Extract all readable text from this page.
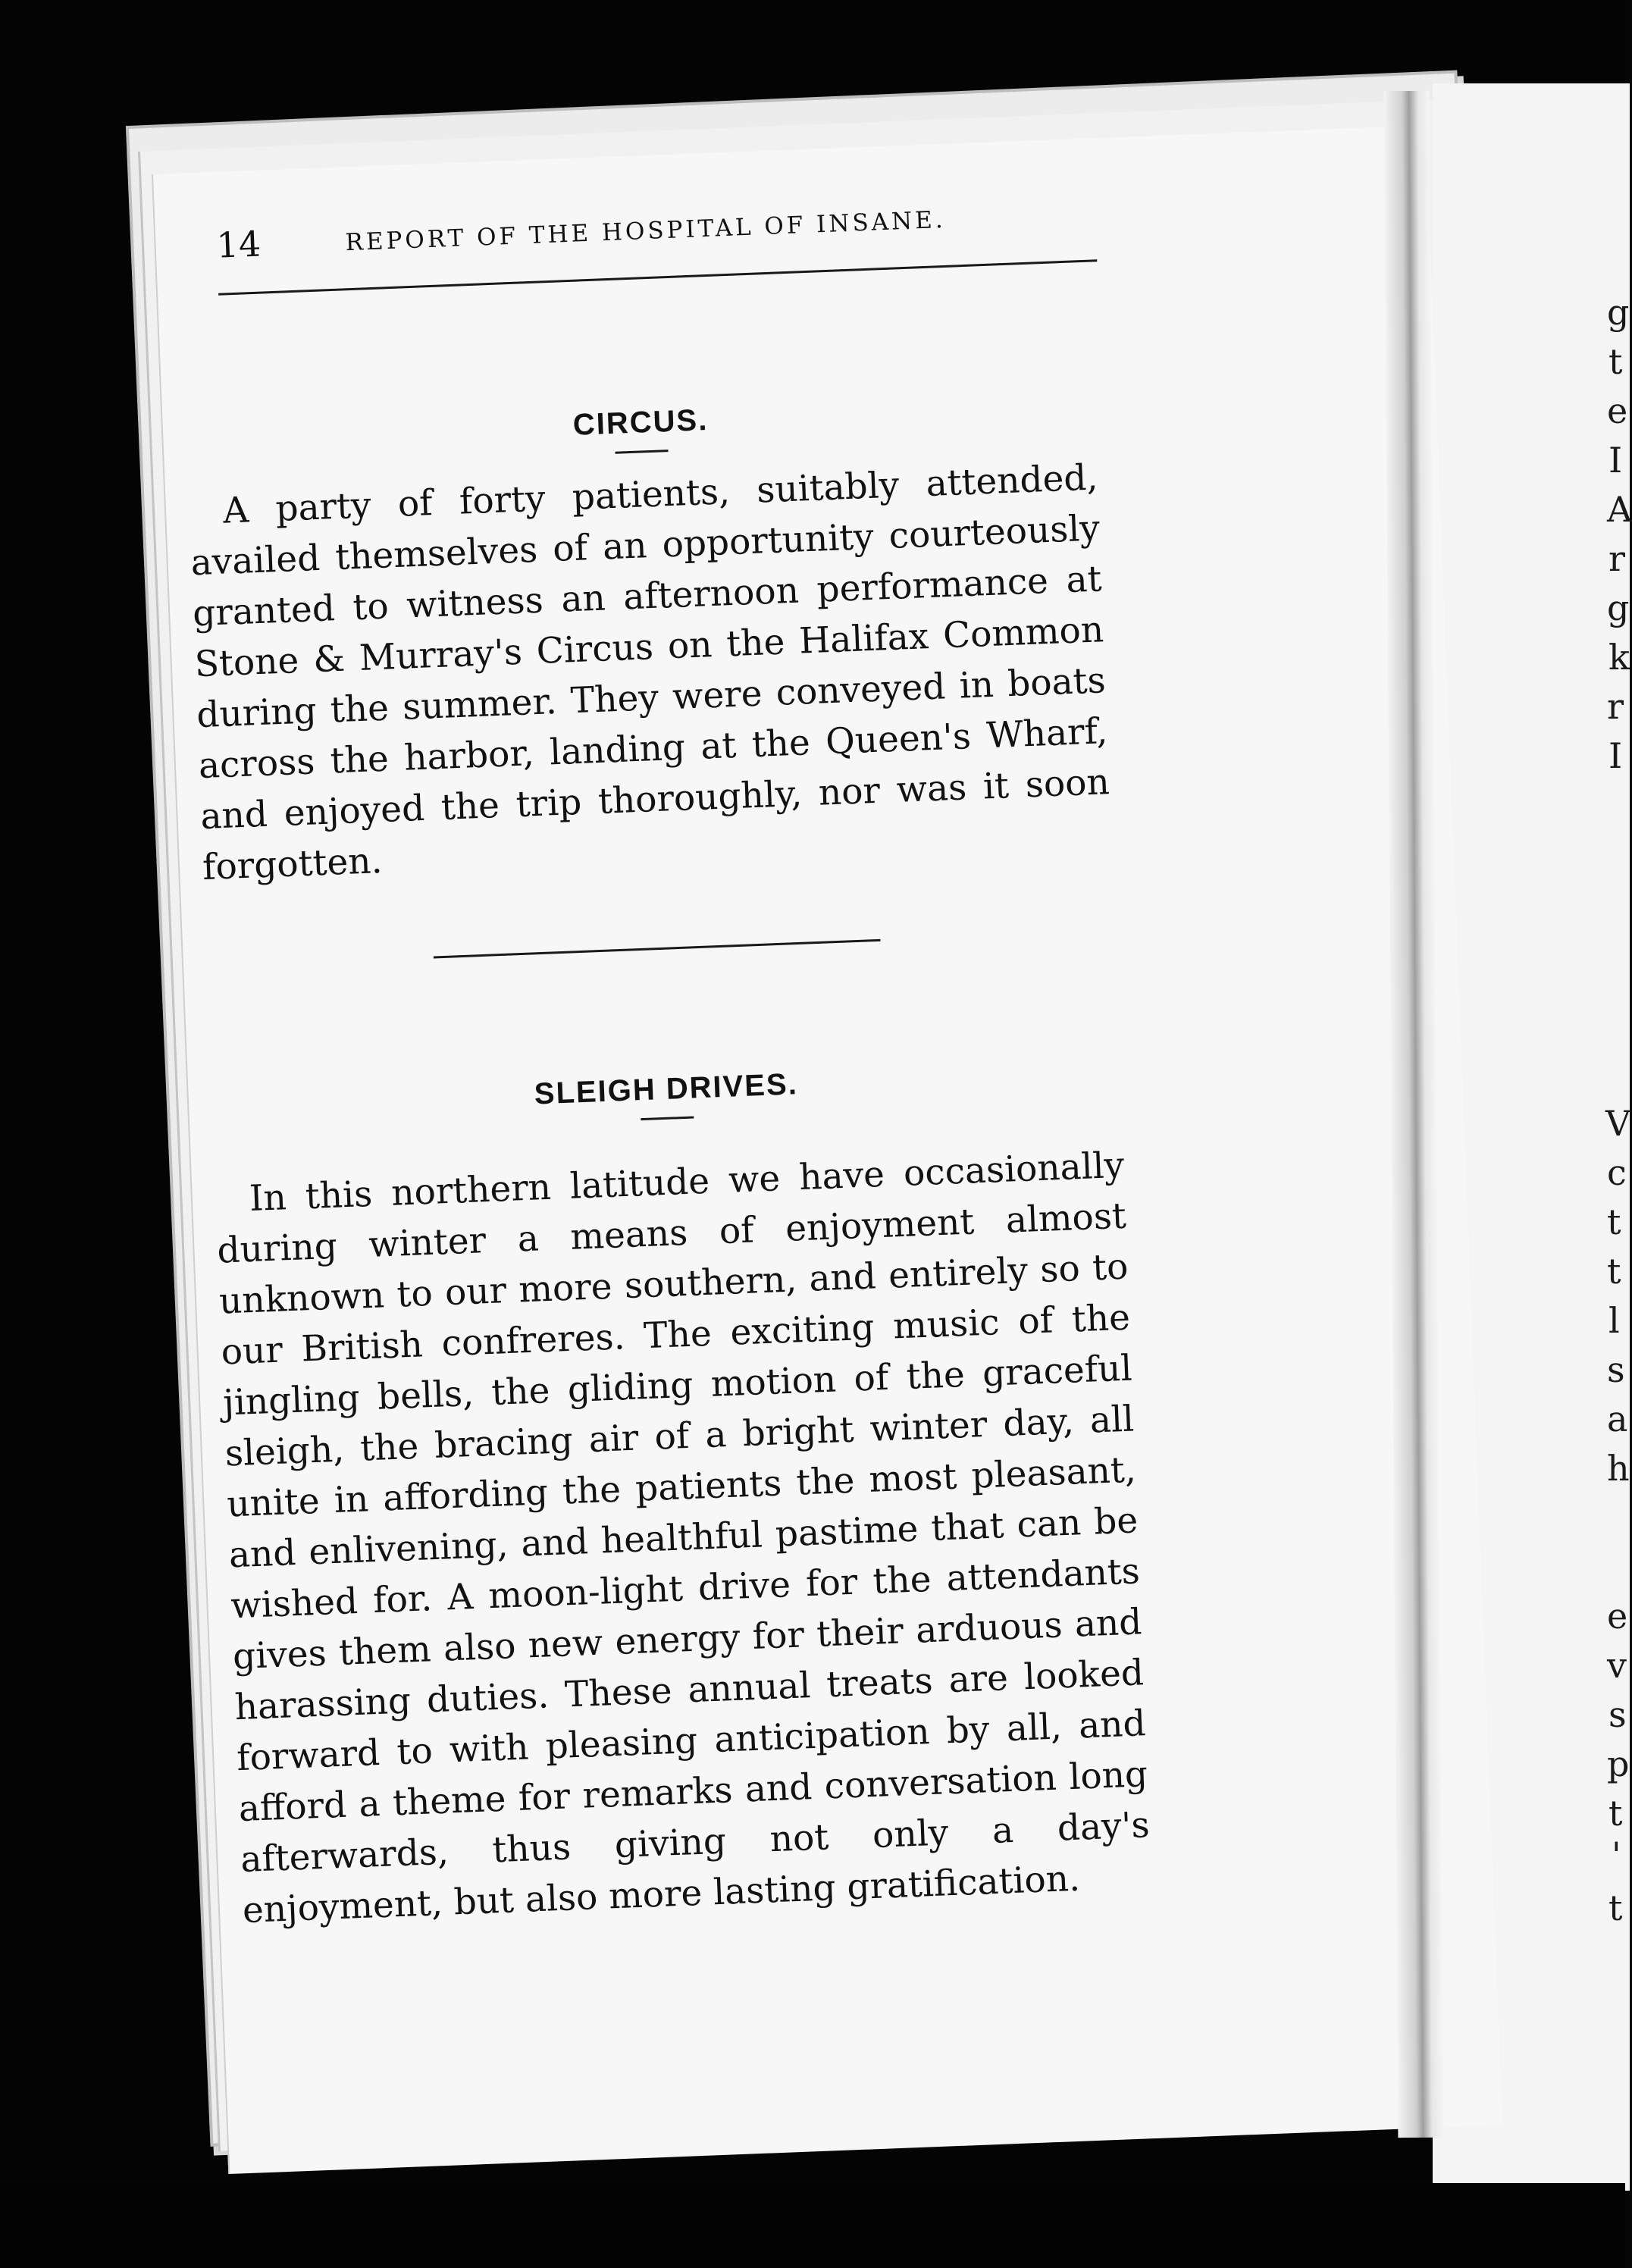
g
t
e
I
A
r
g
k
r
I
V
c
t
t
l
s
a
h
e
v
s
p
t
'
t
14	REPORT OF THE HOSPITAL OF INSANE.
CIRCUS.

A party of forty patients, suitably attended, availed themselves of an opportunity courteously granted to witness an afternoon performance at Stone & Murray's Circus on the Halifax Common during the summer. They were conveyed in boats across the harbor, landing at the Queen's Wharf, and enjoyed the trip thoroughly, nor was it soon forgotten.

SLEIGH DRIVES.

In this northern latitude we have occasionally during winter a means of enjoyment almost unknown to our more southern, and entirely so to our British confreres. The exciting music of the jingling bells, the gliding motion of the graceful sleigh, the bracing air of a bright winter day, all unite in affording the patients the most pleasant, and enlivening, and healthful pastime that can be wished for. A moon-light drive for the attendants gives them also new energy for their arduous and harassing duties. These annual treats are looked forward to with pleasing anticipation by all, and afford a theme for remarks and conversation long afterwards, thus giving not only a day's enjoyment, but also more lasting gratification.
